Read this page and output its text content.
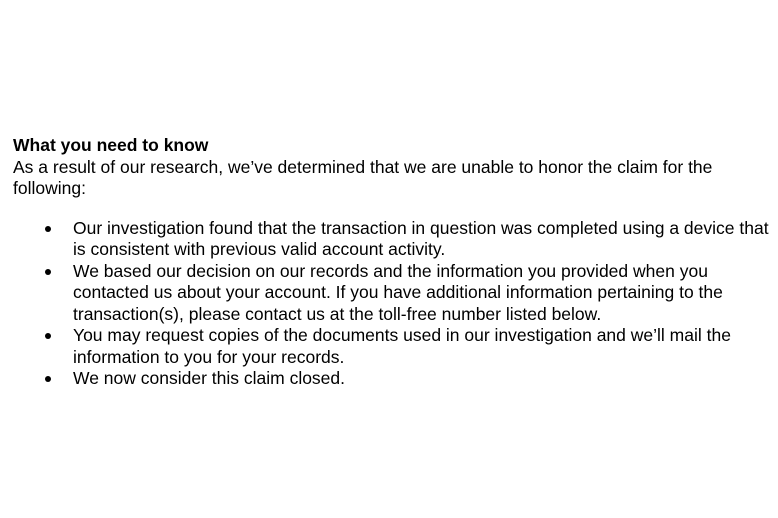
What you need to know

As a result of our research, we’ve determined that we are unable to honor the claim for the following:

Our investigation found that the transaction in question was completed using a device that is consistent with previous valid account activity.
We based our decision on our records and the information you provided when you contacted us about your account. If you have additional information pertaining to the transaction(s), please contact us at the toll-free number listed below.
You may request copies of the documents used in our investigation and we’ll mail the information to you for your records.
We now consider this claim closed.
